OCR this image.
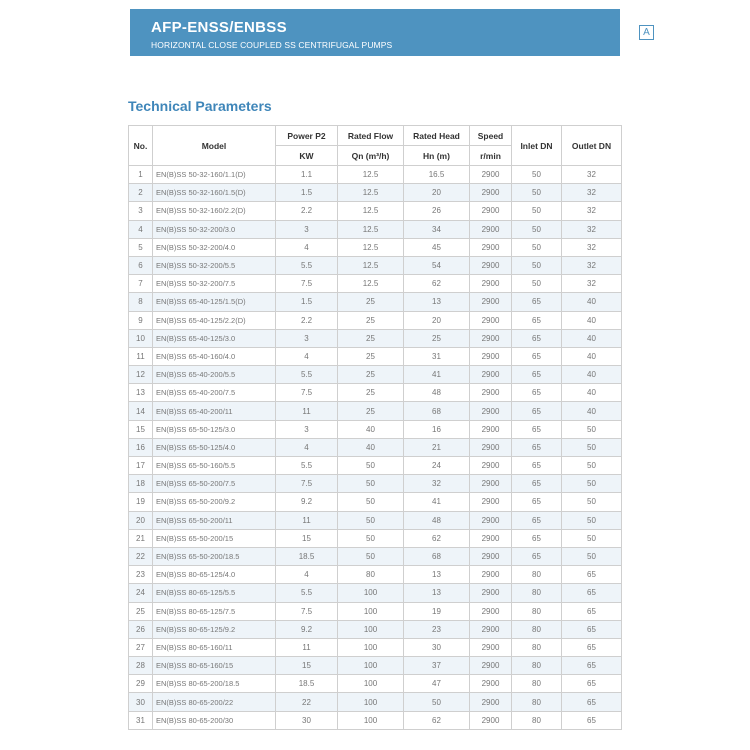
AFP-ENSS/ENBSS
HORIZONTAL CLOSE COUPLED SS CENTRIFUGAL PUMPS
A	F	R	A
®
Technical Parameters
No.	Model	Power P2	Rated Flow	Rated Head	Speed	Inlet DN	Outlet DN
		KW	Qn (m³/h)	Hn (m)	r/min		
1	EN(B)SS 50-32-160/1.1(D)	1.1	12.5	16.5	2900	50	32
2	EN(B)SS 50-32-160/1.5(D)	1.5	12.5	20	2900	50	32
3	EN(B)SS 50-32-160/2.2(D)	2.2	12.5	26	2900	50	32
4	EN(B)SS 50-32-200/3.0	3	12.5	34	2900	50	32
5	EN(B)SS 50-32-200/4.0	4	12.5	45	2900	50	32
6	EN(B)SS 50-32-200/5.5	5.5	12.5	54	2900	50	32
7	EN(B)SS 50-32-200/7.5	7.5	12.5	62	2900	50	32
8	EN(B)SS 65-40-125/1.5(D)	1.5	25	13	2900	65	40
9	EN(B)SS 65-40-125/2.2(D)	2.2	25	20	2900	65	40
10	EN(B)SS 65-40-125/3.0	3	25	25	2900	65	40
11	EN(B)SS 65-40-160/4.0	4	25	31	2900	65	40
12	EN(B)SS 65-40-200/5.5	5.5	25	41	2900	65	40
13	EN(B)SS 65-40-200/7.5	7.5	25	48	2900	65	40
14	EN(B)SS 65-40-200/11	11	25	68	2900	65	40
15	EN(B)SS 65-50-125/3.0	3	40	16	2900	65	50
16	EN(B)SS 65-50-125/4.0	4	40	21	2900	65	50
17	EN(B)SS 65-50-160/5.5	5.5	50	24	2900	65	50
18	EN(B)SS 65-50-200/7.5	7.5	50	32	2900	65	50
19	EN(B)SS 65-50-200/9.2	9.2	50	41	2900	65	50
20	EN(B)SS 65-50-200/11	11	50	48	2900	65	50
21	EN(B)SS 65-50-200/15	15	50	62	2900	65	50
22	EN(B)SS 65-50-200/18.5	18.5	50	68	2900	65	50
23	EN(B)SS 80-65-125/4.0	4	80	13	2900	80	65
24	EN(B)SS 80-65-125/5.5	5.5	100	13	2900	80	65
25	EN(B)SS 80-65-125/7.5	7.5	100	19	2900	80	65
26	EN(B)SS 80-65-125/9.2	9.2	100	23	2900	80	65
27	EN(B)SS 80-65-160/11	11	100	30	2900	80	65
28	EN(B)SS 80-65-160/15	15	100	37	2900	80	65
29	EN(B)SS 80-65-200/18.5	18.5	100	47	2900	80	65
30	EN(B)SS 80-65-200/22	22	100	50	2900	80	65
31	EN(B)SS 80-65-200/30	30	100	62	2900	80	65
